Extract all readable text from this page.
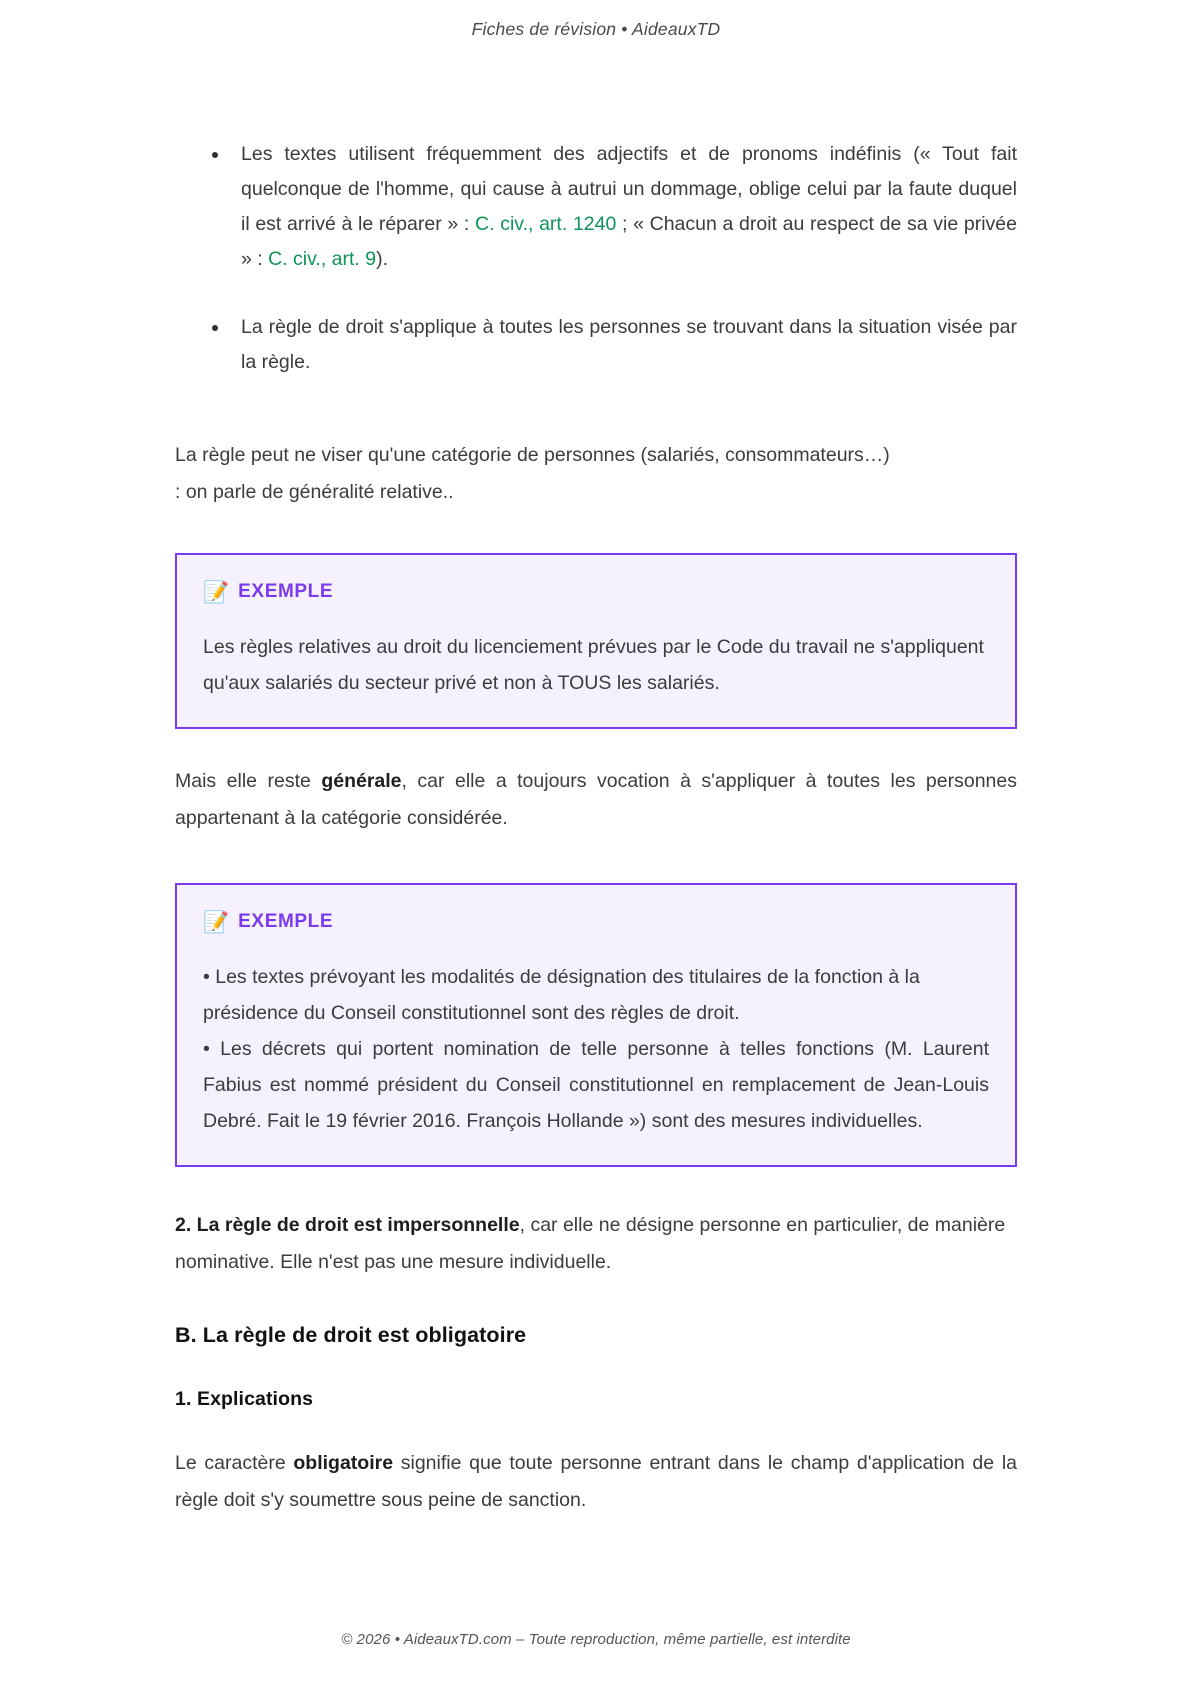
Fiches de révision • AideauxTD
Les textes utilisent fréquemment des adjectifs et de pronoms indéfinis (« Tout fait quelconque de l'homme, qui cause à autrui un dommage, oblige celui par la faute duquel il est arrivé à le réparer » : C. civ., art. 1240 ; « Chacun a droit au respect de sa vie privée » : C. civ., art. 9).
La règle de droit s'applique à toutes les personnes se trouvant dans la situation visée par la règle.

La règle peut ne viser qu'une catégorie de personnes (salariés, consommateurs…)
: on parle de généralité relative..

📝 EXEMPLE
Les règles relatives au droit du licenciement prévues par le Code du travail ne s'appliquent qu'aux salariés du secteur privé et non à TOUS les salariés.

Mais elle reste générale, car elle a toujours vocation à s'appliquer à toutes les personnes appartenant à la catégorie considérée.

📝 EXEMPLE
• Les textes prévoyant les modalités de désignation des titulaires de la fonction à la présidence du Conseil constitutionnel sont des règles de droit.
• Les décrets qui portent nomination de telle personne à telles fonctions (M. Laurent Fabius est nommé président du Conseil constitutionnel en remplacement de Jean-Louis Debré. Fait le 19 février 2016. François Hollande ») sont des mesures individuelles.

2. La règle de droit est impersonnelle, car elle ne désigne personne en particulier, de manière nominative. Elle n'est pas une mesure individuelle.

B. La règle de droit est obligatoire
1. Explications

Le caractère obligatoire signifie que toute personne entrant dans le champ d'application de la règle doit s'y soumettre sous peine de sanction.

© 2026 • AideauxTD.com – Toute reproduction, même partielle, est interdite
